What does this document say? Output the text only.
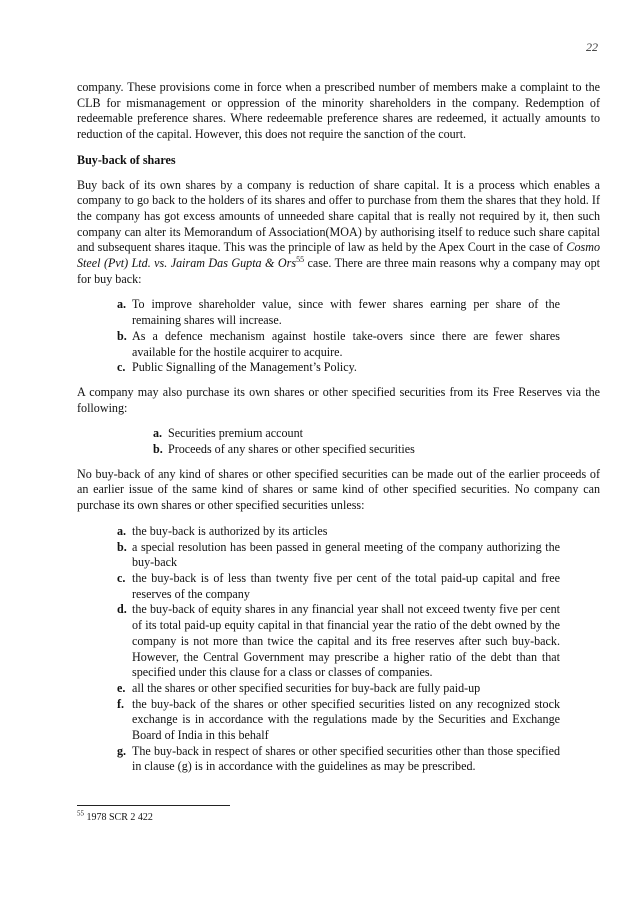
22

company. These provisions come in force when a prescribed number of members make a complaint to the CLB for mismanagement or oppression of the minority shareholders in the company. Redemption of redeemable preference shares. Where redeemable preference shares are redeemed, it actually amounts to reduction of the capital. However, this does not require the sanction of the court.

Buy-back of shares

Buy back of its own shares by a company is reduction of share capital. It is a process which enables a company to go back to the holders of its shares and offer to purchase from them the shares that they hold. If the company has got excess amounts of unneeded share capital that is really not required by it, then such company can alter its Memorandum of Association(MOA) by authorising itself to reduce such share capital and subsequent shares itaque. This was the principle of law as held by the Apex Court in the case of Cosmo Steel (Pvt) Ltd. vs. Jairam Das Gupta & Ors$^{55}$ case. There are three main reasons why a company may opt for buy back:

a. To improve shareholder value, since with fewer shares earning per share of the remaining shares will increase.
b. As a defence mechanism against hostile take-overs since there are fewer shares available for the hostile acquirer to acquire.
c. Public Signalling of the Management’s Policy.

A company may also purchase its own shares or other specified securities from its Free Reserves via the following:

a. Securities premium account
b. Proceeds of any shares or other specified securities

No buy-back of any kind of shares or other specified securities can be made out of the earlier proceeds of an earlier issue of the same kind of shares or same kind of other specified securities. No company can purchase its own shares or other specified securities unless:

a. the buy-back is authorized by its articles
b. a special resolution has been passed in general meeting of the company authorizing the buy-back
c. the buy-back is of less than twenty five per cent of the total paid-up capital and free reserves of the company
d. the buy-back of equity shares in any financial year shall not exceed twenty five per cent of its total paid-up equity capital in that financial year the ratio of the debt owned by the company is not more than twice the capital and its free reserves after such buy-back. However, the Central Government may prescribe a higher ratio of the debt than that specified under this clause for a class or classes of companies.
e. all the shares or other specified securities for buy-back are fully paid-up
f. the buy-back of the shares or other specified securities listed on any recognized stock exchange is in accordance with the regulations made by the Securities and Exchange Board of India in this behalf
g. The buy-back in respect of shares or other specified securities other than those specified in clause (g) is in accordance with the guidelines as may be prescribed.
$^{55}$ 1978 SCR 2 422
